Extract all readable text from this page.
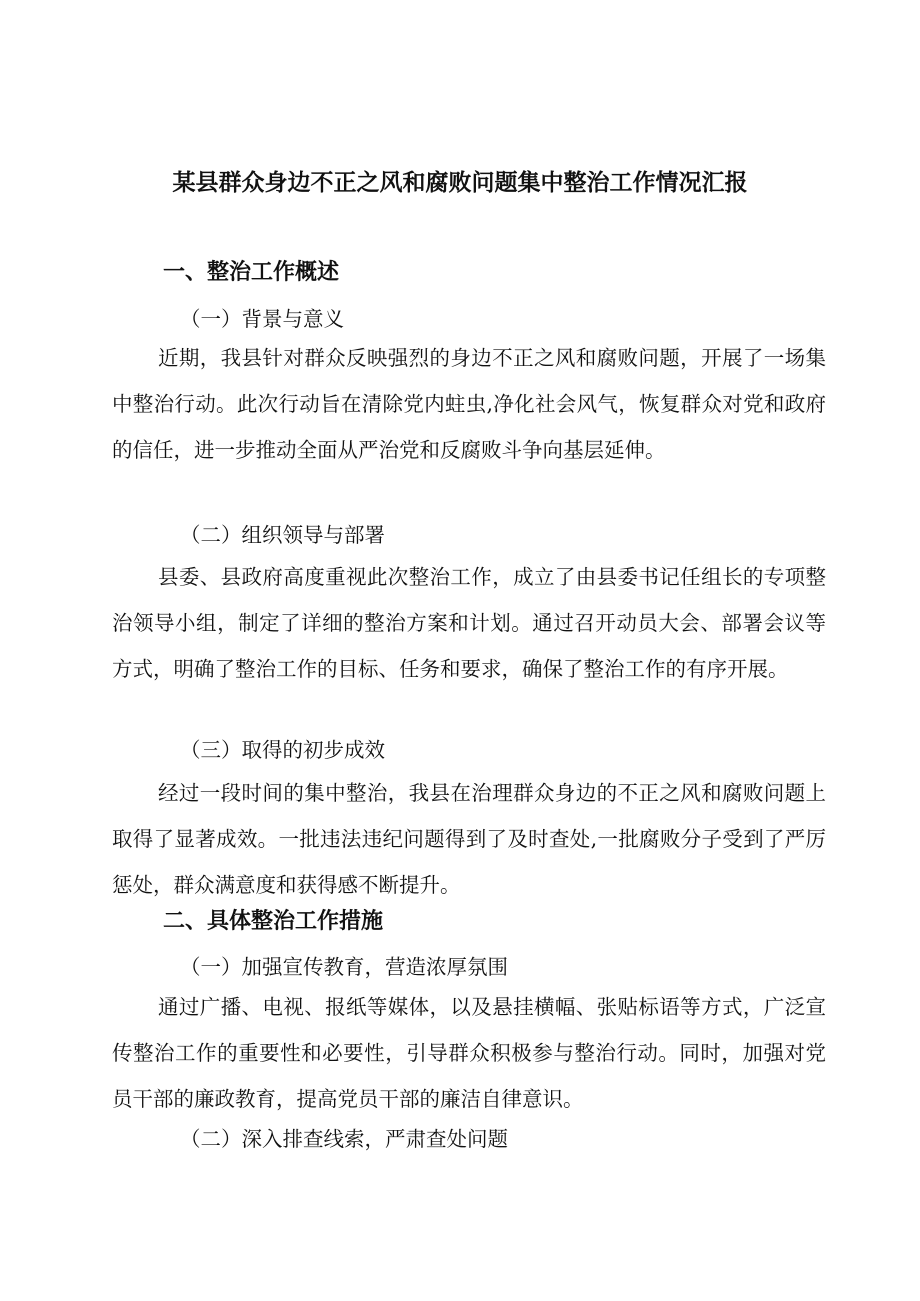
某县群众身边不正之风和腐败问题集中整治工作情况汇报
一、整治工作概述
（一）背景与意义
近期，我县针对群众反映强烈的身边不正之风和腐败问题，开展了一场集中整治行动。此次行动旨在清除党内蛀虫,净化社会风气，恢复群众对党和政府的信任，进一步推动全面从严治党和反腐败斗争向基层延伸。
（二）组织领导与部署
县委、县政府高度重视此次整治工作，成立了由县委书记任组长的专项整治领导小组，制定了详细的整治方案和计划。通过召开动员大会、部署会议等方式，明确了整治工作的目标、任务和要求，确保了整治工作的有序开展。
（三）取得的初步成效
经过一段时间的集中整治，我县在治理群众身边的不正之风和腐败问题上取得了显著成效。一批违法违纪问题得到了及时查处,一批腐败分子受到了严厉惩处，群众满意度和获得感不断提升。
二、具体整治工作措施
（一）加强宣传教育，营造浓厚氛围
通过广播、电视、报纸等媒体，以及悬挂横幅、张贴标语等方式，广泛宣传整治工作的重要性和必要性，引导群众积极参与整治行动。同时，加强对党员干部的廉政教育，提高党员干部的廉洁自律意识。
（二）深入排查线索，严肃查处问题
